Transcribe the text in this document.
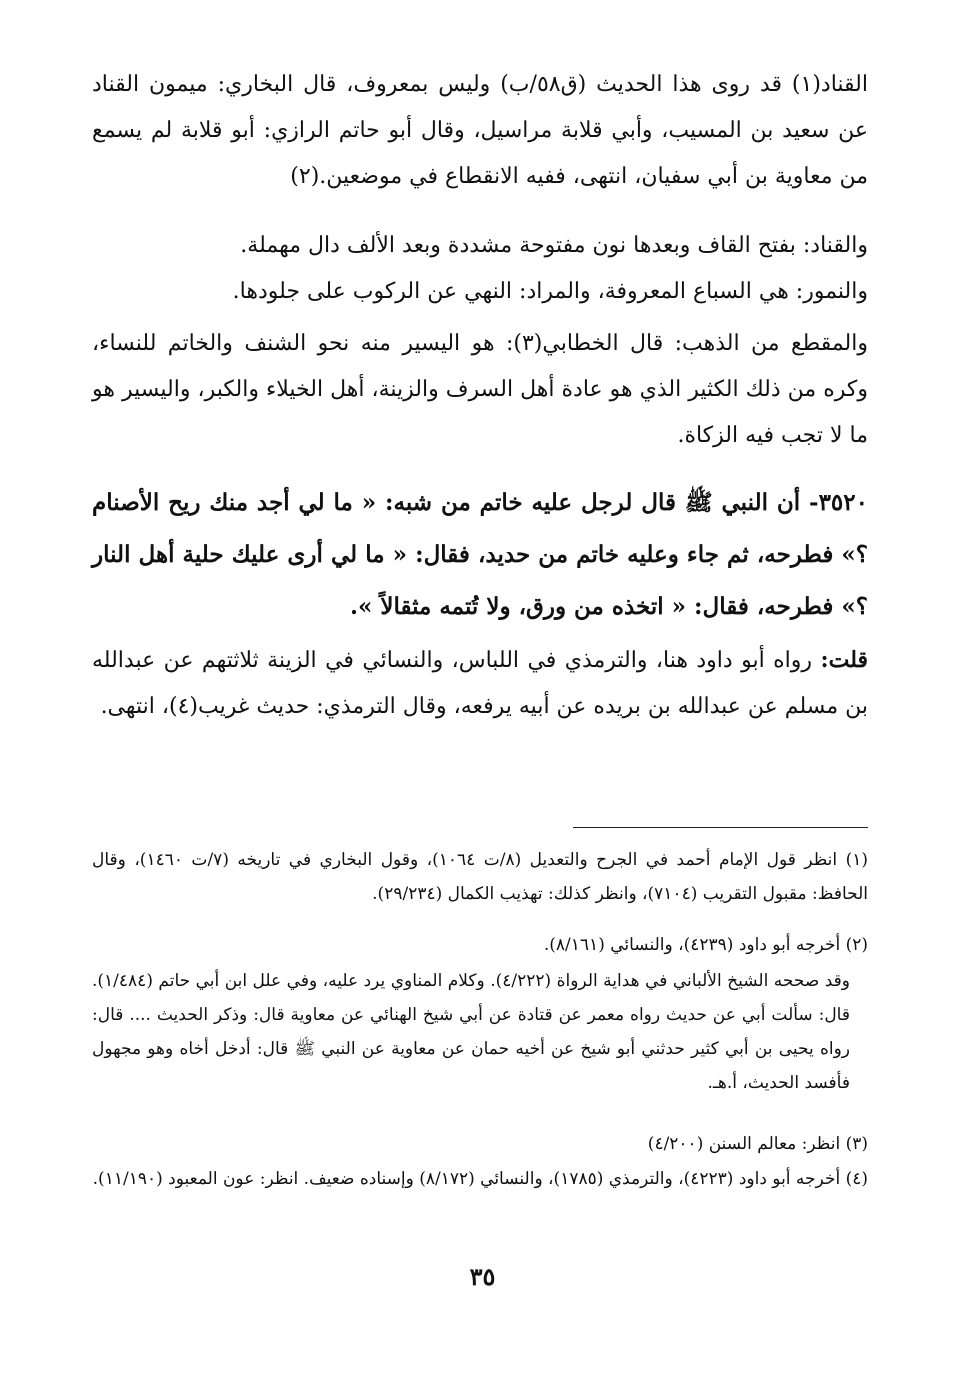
القناد(١) قد روى هذا الحديث (ق٥٨/ب) وليس بمعروف، قال البخاري: ميمون القناد عن سعيد بن المسيب، وأبي قلابة مراسيل، وقال أبو حاتم الرازي: أبو قلابة لم يسمع من معاوية بن أبي سفيان، انتهى، ففيه الانقطاع في موضعين.(٢)

والقناد: بفتح القاف وبعدها نون مفتوحة مشددة وبعد الألف دال مهملة.

والنمور: هي السباع المعروفة، والمراد: النهي عن الركوب على جلودها.

والمقطع من الذهب: قال الخطابي(٣): هو اليسير منه نحو الشنف والخاتم للنساء، وكره من ذلك الكثير الذي هو عادة أهل السرف والزينة، أهل الخيلاء والكبر، واليسير هو ما لا تجب فيه الزكاة.

٣٥٢٠- أن النبي ﷺ قال لرجل عليه خاتم من شبه: « ما لي أجد منك ريح الأصنام ؟» فطرحه، ثم جاء وعليه خاتم من حديد، فقال: « ما لي أرى عليك حلية أهل النار ؟» فطرحه، فقال: « اتخذه من ورق، ولا تُتمه مثقالاً ».

قلت: رواه أبو داود هنا، والترمذي في اللباس، والنسائي في الزينة ثلاثتهم عن عبدالله بن مسلم عن عبدالله بن بريده عن أبيه يرفعه، وقال الترمذي: حديث غريب(٤)، انتهى.

(١) انظر قول الإمام أحمد في الجرح والتعديل (٨/ت ١٠٦٤)، وقول البخاري في تاريخه (٧/ت ١٤٦٠)، وقال الحافظ: مقبول التقريب (٧١٠٤)، وانظر كذلك: تهذيب الكمال (٢٩/٢٣٤).

(٢) أخرجه أبو داود (٤٢٣٩)، والنسائي (٨/١٦١).

وقد صححه الشيخ الألباني في هداية الرواة (٤/٢٢٢). وكلام المناوي يرد عليه، وفي علل ابن أبي حاتم (١/٤٨٤). قال: سألت أبي عن حديث رواه معمر عن قتادة عن أبي شيخ الهنائي عن معاوية قال: وذكر الحديث .... قال: رواه يحيى بن أبي كثير حدثني أبو شيخ عن أخيه حمان عن معاوية عن النبي ﷺ قال: أدخل أخاه وهو مجهول فأفسد الحديث، أ.هـ.

(٣) انظر: معالم السنن (٤/٢٠٠)

(٤) أخرجه أبو داود (٤٢٢٣)، والترمذي (١٧٨٥)، والنسائي (٨/١٧٢) وإسناده ضعيف. انظر: عون المعبود (١١/١٩٠).

٣٥
